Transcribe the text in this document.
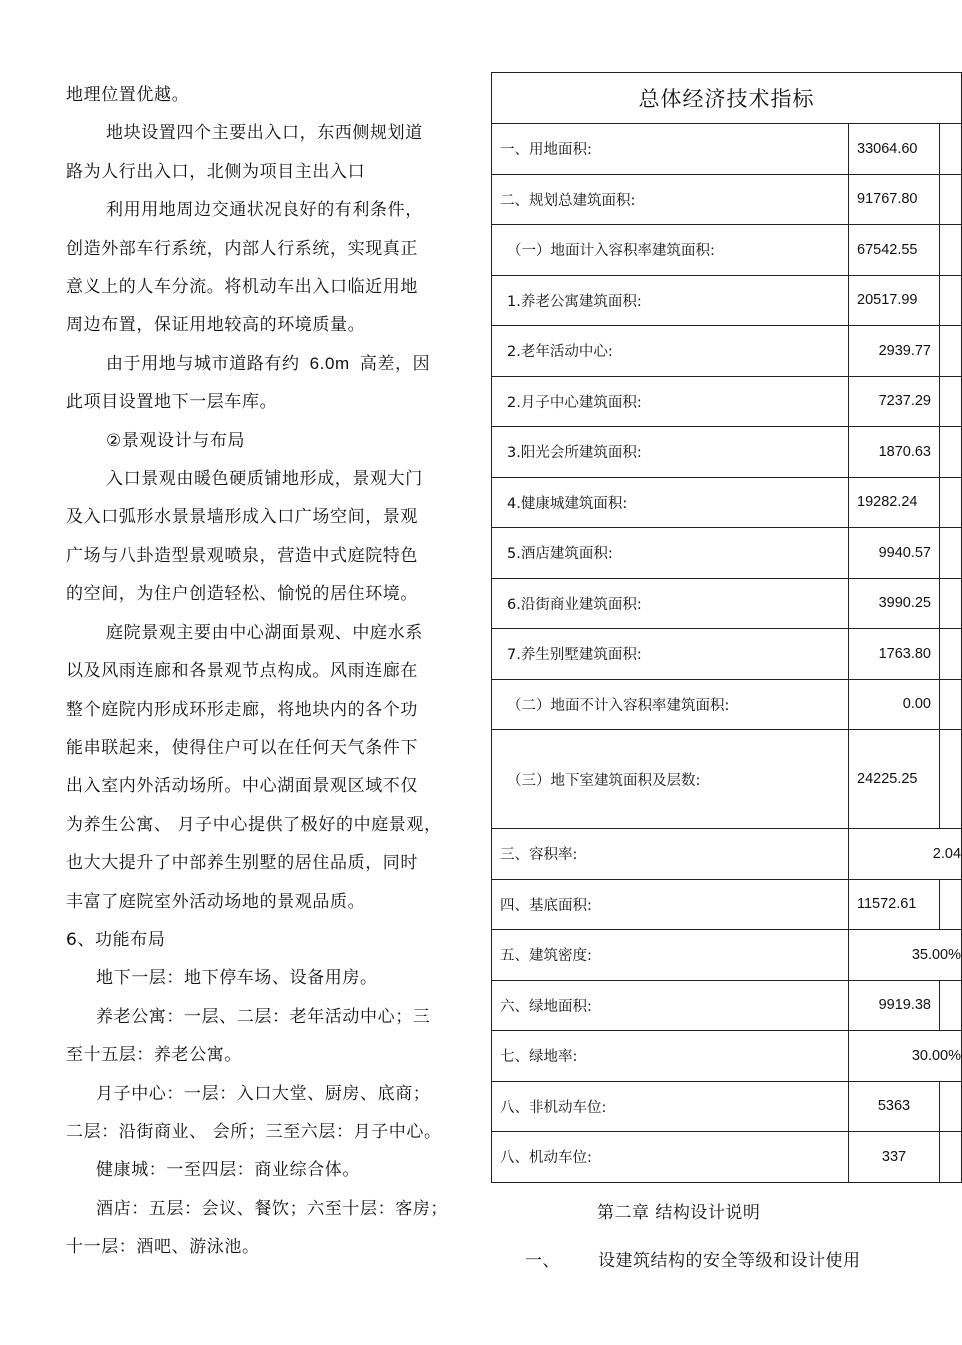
地理位置优越。

地块设置四个主要出入口，东西侧规划道

路为人行出入口，北侧为项目主出入口

利用用地周边交通状况良好的有利条件，

创造外部车行系统，内部人行系统，实现真正

意义上的人车分流。将机动车出入口临近用地

周边布置，保证用地较高的环境质量。

由于用地与城市道路有约 6.0m 高差，因

此项目设置地下一层车库。

②景观设计与布局

入口景观由暖色硬质铺地形成，景观大门

及入口弧形水景景墙形成入口广场空间，景观

广场与八卦造型景观喷泉，营造中式庭院特色

的空间，为住户创造轻松、愉悦的居住环境。

庭院景观主要由中心湖面景观、中庭水系

以及风雨连廊和各景观节点构成。风雨连廊在

整个庭院内形成环形走廊，将地块内的各个功

能串联起来，使得住户可以在任何天气条件下

出入室内外活动场所。中心湖面景观区域不仅

为养生公寓、 月子中心提供了极好的中庭景观，

也大大提升了中部养生别墅的居住品质，同时

丰富了庭院室外活动场地的景观品质。

6、功能布局

地下一层：地下停车场、设备用房。

养老公寓：一层、二层：老年活动中心；三

至十五层：养老公寓。

月子中心：一层：入口大堂、厨房、底商；

二层：沿街商业、 会所；三至六层：月子中心。

健康城：一至四层：商业综合体。

酒店：五层：会议、餐饮；六至十层：客房；

十一层：酒吧、游泳池。

总体经济技术指标		
一、用地面积:	33064.60	
二、规划总建筑面积:	91767.80	
（一）地面计入容积率建筑面积:	67542.55	
1.养老公寓建筑面积:	20517.99	
2.老年活动中心:	2939.77	
2.月子中心建筑面积:	7237.29	
3.阳光会所建筑面积:	1870.63	
4.健康城建筑面积:	19282.24	
5.酒店建筑面积:	9940.57	
6.沿街商业建筑面积:	3990.25	
7.养生别墅建筑面积:	1763.80	
（二）地面不计入容积率建筑面积:	0.00	
（三）地下室建筑面积及层数:	24225.25	
三、容积率:	2.04	
四、基底面积:	11572.61	
五、建筑密度:	35.00%	
六、绿地面积:	9919.38	
七、绿地率:	30.00%	
八、非机动车位:	5363	
八、机动车位:	337	
第二章 结构设计说明
一、 设建筑结构的安全等级和设计使用
